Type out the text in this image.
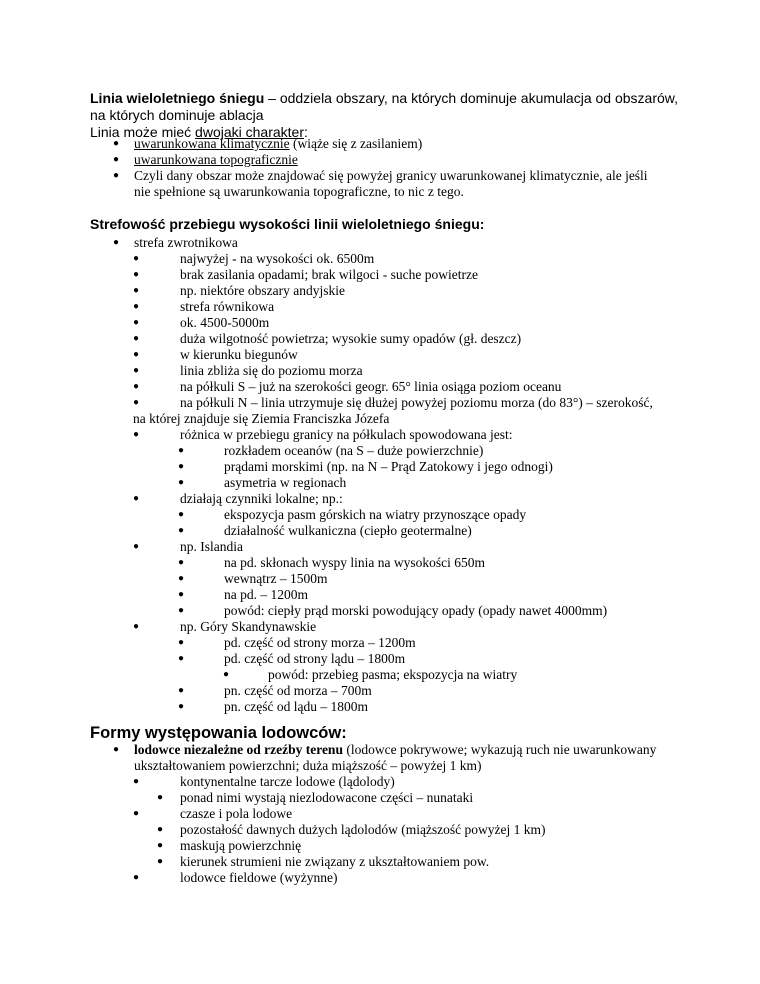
Linia wieloletniego śniegu – oddziela obszary, na których dominuje akumulacja od obszarów, na których dominuje ablacja
Linia może mieć dwojaki charakter:
● uwarunkowana klimatycznie (wiąże się z zasilaniem)
● uwarunkowana topograficznie
● Czyli dany obszar może znajdować się powyżej granicy uwarunkowanej klimatycznie, ale jeśli
nie spełnione są uwarunkowania topograficzne, to nic z tego.
Strefowość przebiegu wysokości linii wieloletniego śniegu:
● strefa zwrotnikowa
●	najwyżej - na wysokości ok. 6500m
●	brak zasilania opadami; brak wilgoci - suche powietrze
●	np. niektóre obszary andyjskie
●	strefa równikowa
●	ok. 4500-5000m
●	duża wilgotność powietrza; wysokie sumy opadów (gł. deszcz)
●	w kierunku biegunów
●	linia zbliża się do poziomu morza
●	na półkuli S – już na szerokości geogr. 65° linia osiąga poziom oceanu
●	na półkuli N – linia utrzymuje się dłużej powyżej poziomu morza (do 83°) – szerokość,
na której znajduje się Ziemia Franciszka Józefa
●	różnica w przebiegu granicy na półkulach spowodowana jest:
●	rozkładem oceanów (na S – duże powierzchnie)
●	prądami morskimi (np. na N – Prąd Zatokowy i jego odnogi)
●	asymetria w regionach
●	działają czynniki lokalne; np.:
●	ekspozycja pasm górskich na wiatry przynoszące opady
●	działalność wulkaniczna (ciepło geotermalne)
●	np. Islandia
●	na pd. skłonach wyspy linia na wysokości 650m
●	wewnątrz – 1500m
●	na pd. – 1200m
●	powód: ciepły prąd morski powodujący opady (opady nawet 4000mm)
●	np. Góry Skandynawskie
●	pd. część od strony morza – 1200m
●	pd. część od strony lądu – 1800m
●	powód: przebieg pasma; ekspozycja na wiatry
●	pn. część od morza – 700m
●	pn. część od lądu – 1800m
Formy występowania lodowców:
● lodowce niezależne od rzeźby terenu (lodowce pokrywowe; wykazują ruch nie uwarunkowany
ukształtowaniem powierzchni; duża miąższość – powyżej 1 km)
●	kontynentalne tarcze lodowe (lądolody)
● ponad nimi wystają niezlodowacone części – nunataki
●	czasze i pola lodowe
● pozostałość dawnych dużych lądolodów (miąższość powyżej 1 km)
● maskują powierzchnię
● kierunek strumieni nie związany z ukształtowaniem pow.
●	lodowce fieldowe (wyżynne)
